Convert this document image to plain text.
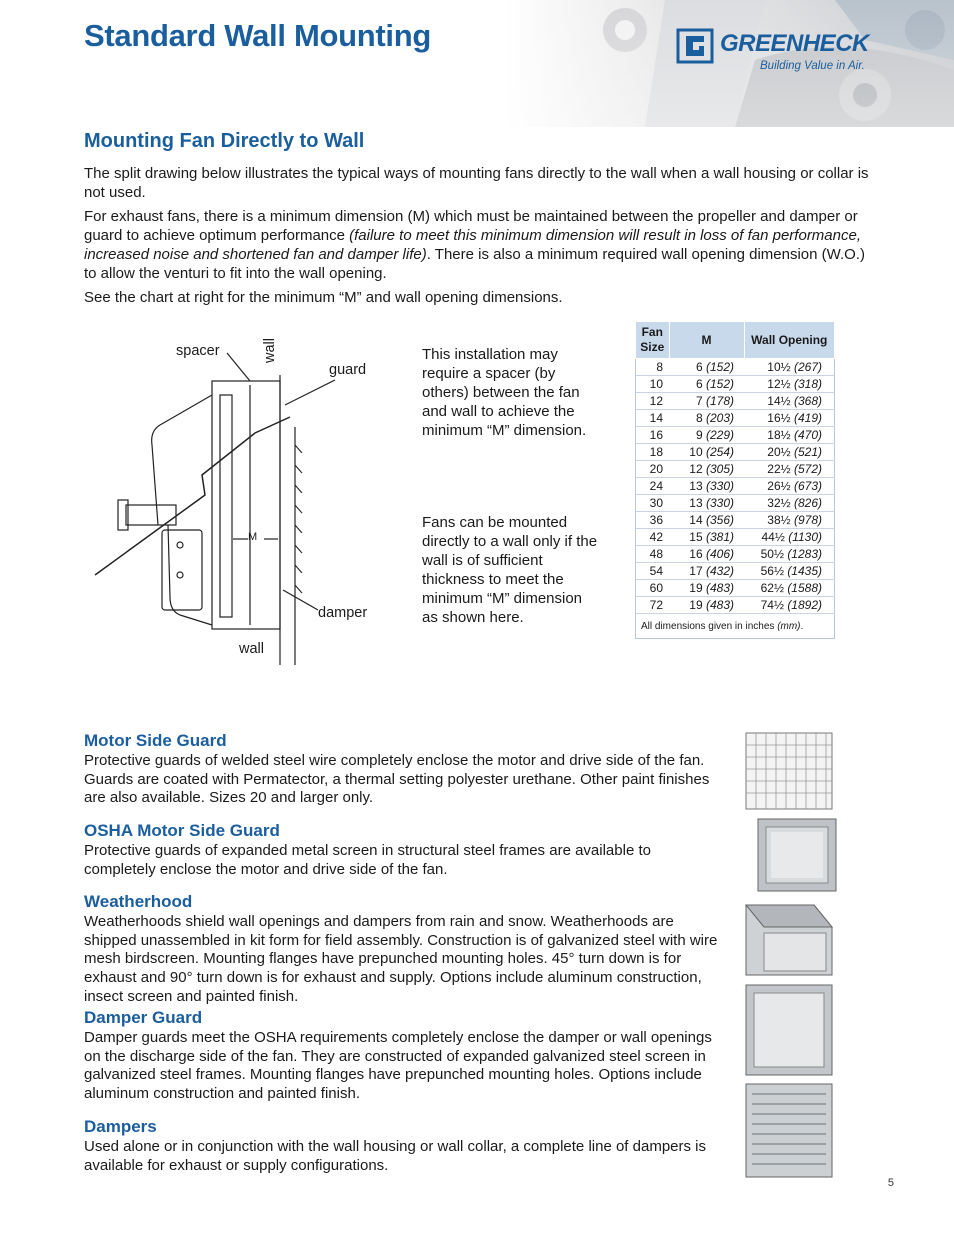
Standard Wall Mounting	GREENHECK
Building Value in Air.
Mounting Fan Directly to Wall

The split drawing below illustrates the typical ways of mounting fans directly to the wall when a wall housing or collar is not used.

For exhaust fans, there is a minimum dimension (M) which must be maintained between the propeller and damper or guard to achieve optimum performance (failure to meet this minimum dimension will result in loss of fan performance, increased noise and shortened fan and damper life). There is also a minimum required wall opening dimension (W.O.) to allow the venturi to fit into the wall opening.

See the chart at right for the minimum “M” and wall opening dimensions.

spacer	wall
guard
M
damper
wall

This installation may require a spacer (by others) between the fan and wall to achieve the minimum “M” dimension.

Fans can be mounted directly to a wall only if the wall is of sufficient thickness to meet the minimum “M” dimension as shown here.

Fan Size	M	Wall Opening
8	6 (152)	10½ (267)
10	6 (152)	12½ (318)
12	7 (178)	14½ (368)
14	8 (203)	16½ (419)
16	9 (229)	18½ (470)
18	10 (254)	20½ (521)
20	12 (305)	22½ (572)
24	13 (330)	26½ (673)
30	13 (330)	32½ (826)
36	14 (356)	38½ (978)
42	15 (381)	44½ (1130)
48	16 (406)	50½ (1283)
54	17 (432)	56½ (1435)
60	19 (483)	62½ (1588)
72	19 (483)	74½ (1892)
All dimensions given in inches (mm).		
Motor Side Guard

Protective guards of welded steel wire completely enclose the motor and drive side of the fan. Guards are coated with Permatector, a thermal setting polyester urethane. Other paint finishes are also available. Sizes 20 and larger only.

OSHA Motor Side Guard

Protective guards of expanded metal screen in structural steel frames are available to completely enclose the motor and drive side of the fan.

Weatherhood

Weatherhoods shield wall openings and dampers from rain and snow. Weatherhoods are shipped unassembled in kit form for field assembly. Construction is of galvanized steel with wire mesh birdscreen. Mounting flanges have prepunched mounting holes. 45° turn down is for exhaust and 90° turn down is for exhaust and supply. Options include aluminum construction, insect screen and painted finish.

Damper Guard

Damper guards meet the OSHA requirements completely enclose the damper or wall openings on the discharge side of the fan. They are constructed of expanded galvanized steel screen in galvanized steel frames. Mounting flanges have prepunched mounting holes. Options include aluminum construction and painted finish.

Dampers

Used alone or in conjunction with the wall housing or wall collar, a complete line of dampers is available for exhaust or supply configurations.

5
